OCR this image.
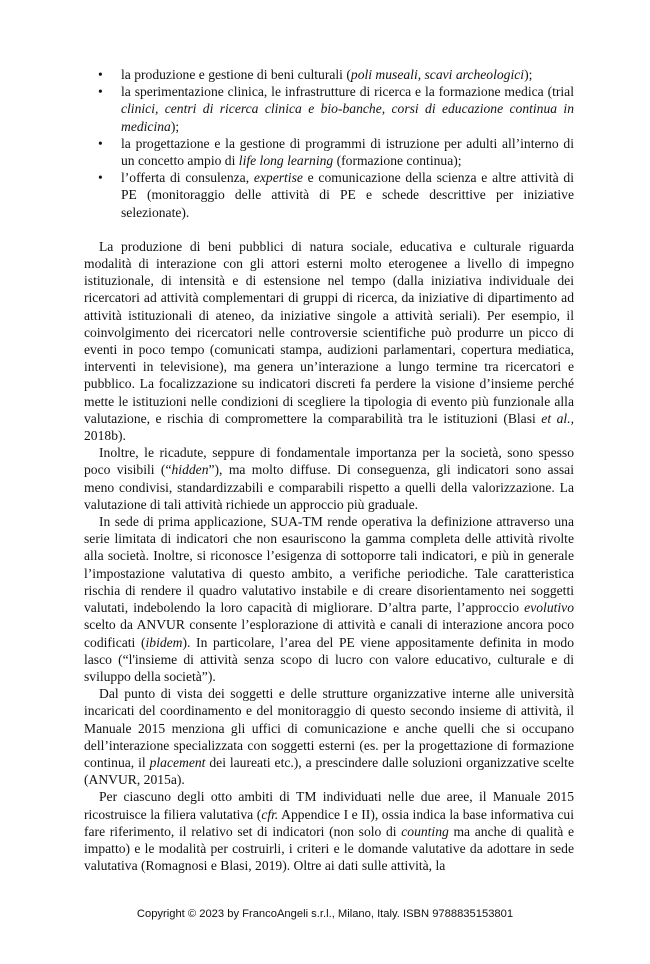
• la produzione e gestione di beni culturali (poli museali, scavi archeologici);
• la sperimentazione clinica, le infrastrutture di ricerca e la formazione medica (trial clinici, centri di ricerca clinica e bio-banche, corsi di educazione continua in medicina);
• la progettazione e la gestione di programmi di istruzione per adulti all’interno di un concetto ampio di life long learning (formazione continua);
• l’offerta di consulenza, expertise e comunicazione della scienza e altre attività di PE (monitoraggio delle attività di PE e schede descrittive per iniziative selezionate).

La produzione di beni pubblici di natura sociale, educativa e culturale riguarda modalità di interazione con gli attori esterni molto eterogenee a livello di impegno istituzionale, di intensità e di estensione nel tempo (dalla iniziativa individuale dei ricercatori ad attività complementari di gruppi di ricerca, da iniziative di dipartimento ad attività istituzionali di ateneo, da iniziative singole a attività seriali). Per esempio, il coinvolgimento dei ricercatori nelle controversie scientifiche può produrre un picco di eventi in poco tempo (comunicati stampa, audizioni parlamentari, copertura mediatica, interventi in televisione), ma genera un’interazione a lungo termine tra ricercatori e pubblico. La focalizzazione su indicatori discreti fa perdere la visione d’insieme perché mette le istituzioni nelle condizioni di scegliere la tipologia di evento più funzionale alla valutazione, e rischia di compromettere la comparabilità tra le istituzioni (Blasi et al., 2018b).

Inoltre, le ricadute, seppure di fondamentale importanza per la società, sono spesso poco visibili (“hidden”), ma molto diffuse. Di conseguenza, gli indicatori sono assai meno condivisi, standardizzabili e comparabili rispetto a quelli della valorizzazione. La valutazione di tali attività richiede un approccio più graduale.

In sede di prima applicazione, SUA-TM rende operativa la definizione attraverso una serie limitata di indicatori che non esauriscono la gamma completa delle attività rivolte alla società. Inoltre, si riconosce l’esigenza di sottoporre tali indicatori, e più in generale l’impostazione valutativa di questo ambito, a verifiche periodiche. Tale caratteristica rischia di rendere il quadro valutativo instabile e di creare disorientamento nei soggetti valutati, indebolendo la loro capacità di migliorare. D’altra parte, l’approccio evolutivo scelto da ANVUR consente l’esplorazione di attività e canali di interazione ancora poco codificati (ibidem). In particolare, l’area del PE viene appositamente definita in modo lasco (“l'insieme di attività senza scopo di lucro con valore educativo, culturale e di sviluppo della società”).

Dal punto di vista dei soggetti e delle strutture organizzative interne alle università incaricati del coordinamento e del monitoraggio di questo secondo insieme di attività, il Manuale 2015 menziona gli uffici di comunicazione e anche quelli che si occupano dell’interazione specializzata con soggetti esterni (es. per la progettazione di formazione continua, il placement dei laureati etc.), a prescindere dalle soluzioni organizzative scelte (ANVUR, 2015a).

Per ciascuno degli otto ambiti di TM individuati nelle due aree, il Manuale 2015 ricostruisce la filiera valutativa (cfr. Appendice I e II), ossia indica la base informativa cui fare riferimento, il relativo set di indicatori (non solo di counting ma anche di qualità e impatto) e le modalità per costruirli, i criteri e le domande valutative da adottare in sede valutativa (Romagnosi e Blasi, 2019). Oltre ai dati sulle attività, la

Copyright © 2023 by FrancoAngeli s.r.l., Milano, Italy. ISBN 9788835153801
